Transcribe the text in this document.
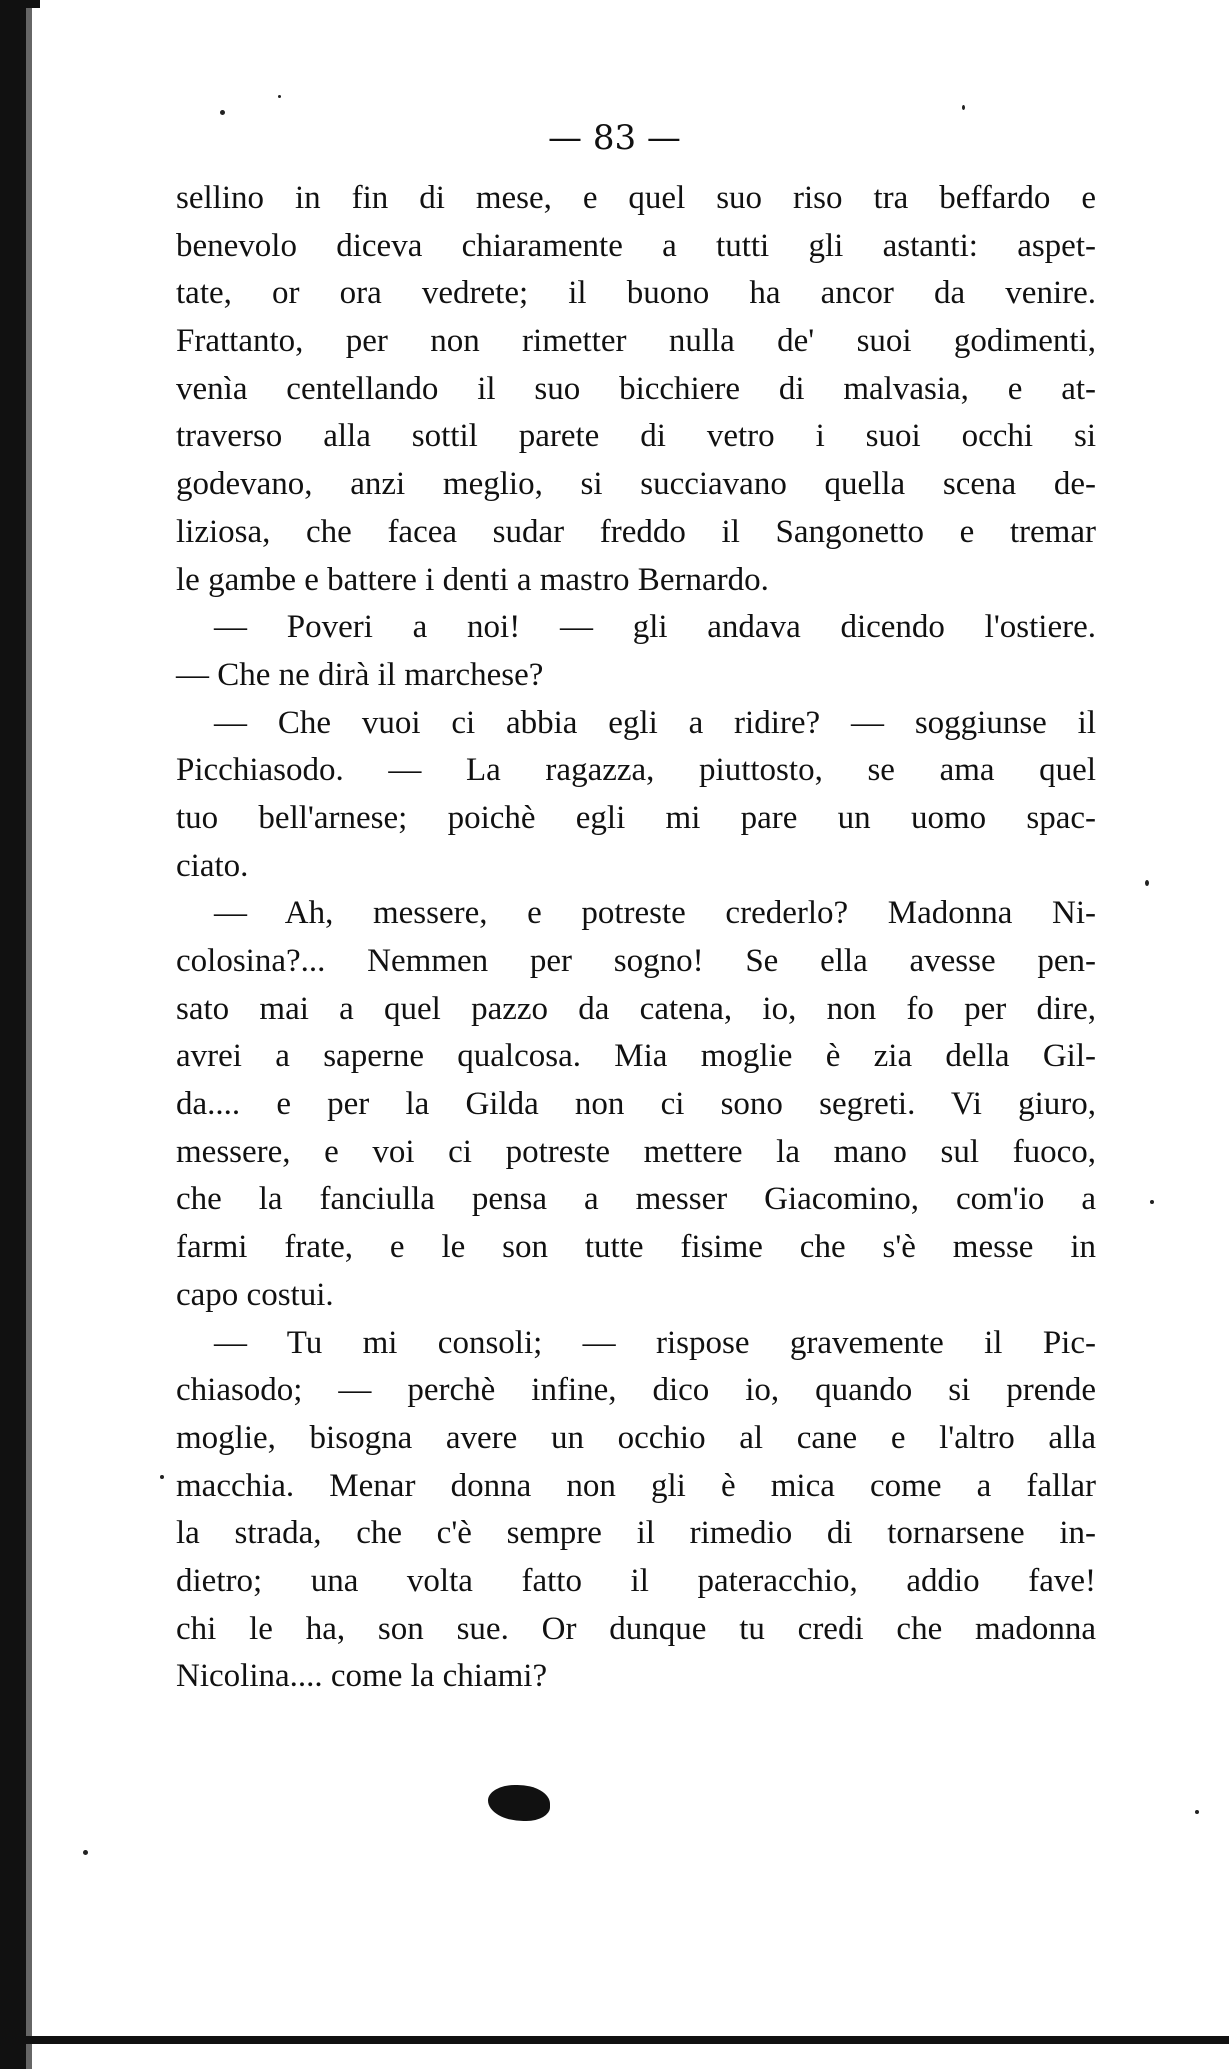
— 83 —
sellino in fin di mese, e quel suo riso tra beffardo e
benevolo diceva chiaramente a tutti gli astanti: aspet-
tate, or ora vedrete; il buono ha ancor da venire.
Frattanto, per non rimetter nulla de' suoi godimenti,
venìa centellando il suo bicchiere di malvasia, e at-
traverso alla sottil parete di vetro i suoi occhi si
godevano, anzi meglio, si succiavano quella scena de-
liziosa, che facea sudar freddo il Sangonetto e tremar
le gambe e battere i denti a mastro Bernardo.
— Poveri a noi! — gli andava dicendo l'ostiere.
— Che ne dirà il marchese?
— Che vuoi ci abbia egli a ridire? — soggiunse il
Picchiasodo. — La ragazza, piuttosto, se ama quel
tuo bell'arnese; poichè egli mi pare un uomo spac-
ciato.
— Ah, messere, e potreste crederlo? Madonna Ni-
colosina?... Nemmen per sogno! Se ella avesse pen-
sato mai a quel pazzo da catena, io, non fo per dire,
avrei a saperne qualcosa. Mia moglie è zia della Gil-
da.... e per la Gilda non ci sono segreti. Vi giuro,
messere, e voi ci potreste mettere la mano sul fuoco,
che la fanciulla pensa a messer Giacomino, com'io a
farmi frate, e le son tutte fisime che s'è messe in
capo costui.
— Tu mi consoli; — rispose gravemente il Pic-
chiasodo; — perchè infine, dico io, quando si prende
moglie, bisogna avere un occhio al cane e l'altro alla
macchia. Menar donna non gli è mica come a fallar
la strada, che c'è sempre il rimedio di tornarsene in-
dietro; una volta fatto il pateracchio, addio fave!
chi le ha, son sue. Or dunque tu credi che madonna
Nicolina.... come la chiami?
